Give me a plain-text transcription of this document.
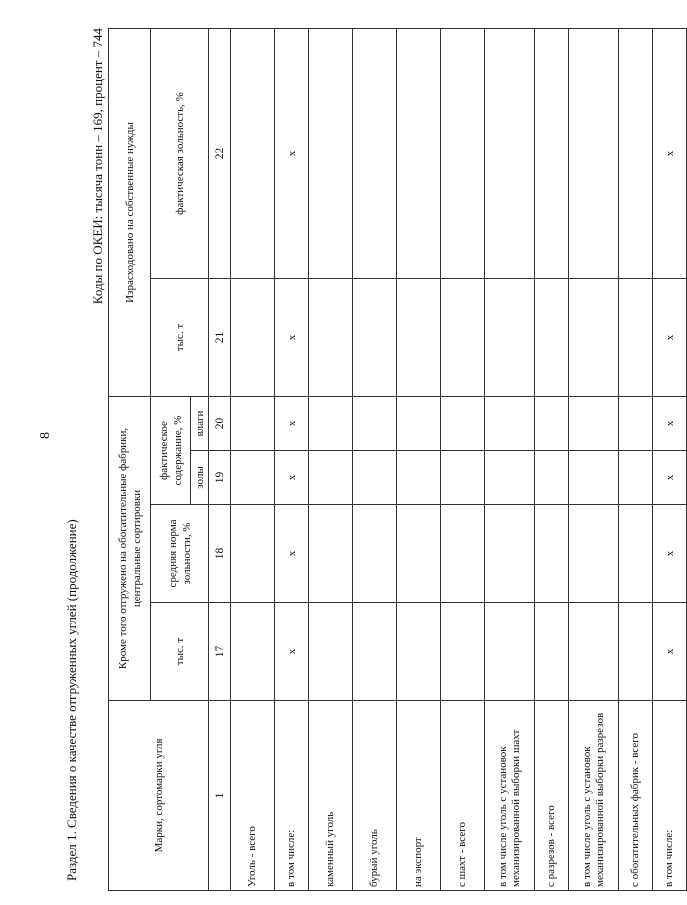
8
Раздел 1. Сведения о качестве отгруженных углей (продолжение)
Коды по ОКЕИ: тысяча тонн – 169, процент – 744
Марки, сортомарки угля	Кроме того отгружено на обогатительные фабрики, центральные сортировки				Израсходовано на собственные нужды	
	тыс. т	средняя норма зольности, %	фактическое содержание, %		тыс. т	фактическая зольность, %
			золы	влаги		
1	17	18	19	20	21	22
Уголь - всего						
в том числе:	x	x	x	x	x	x
каменный уголь						
бурый уголь						
на экспорт						
с шахт - всего						
в том числе уголь с установок механизированной выборки шахт						
с разрезов - всего						
в том числе уголь с установок механизированной выборки разрезов						
с обогатительных фабрик - всего						
в том числе:	x	x	x	x	x	x
